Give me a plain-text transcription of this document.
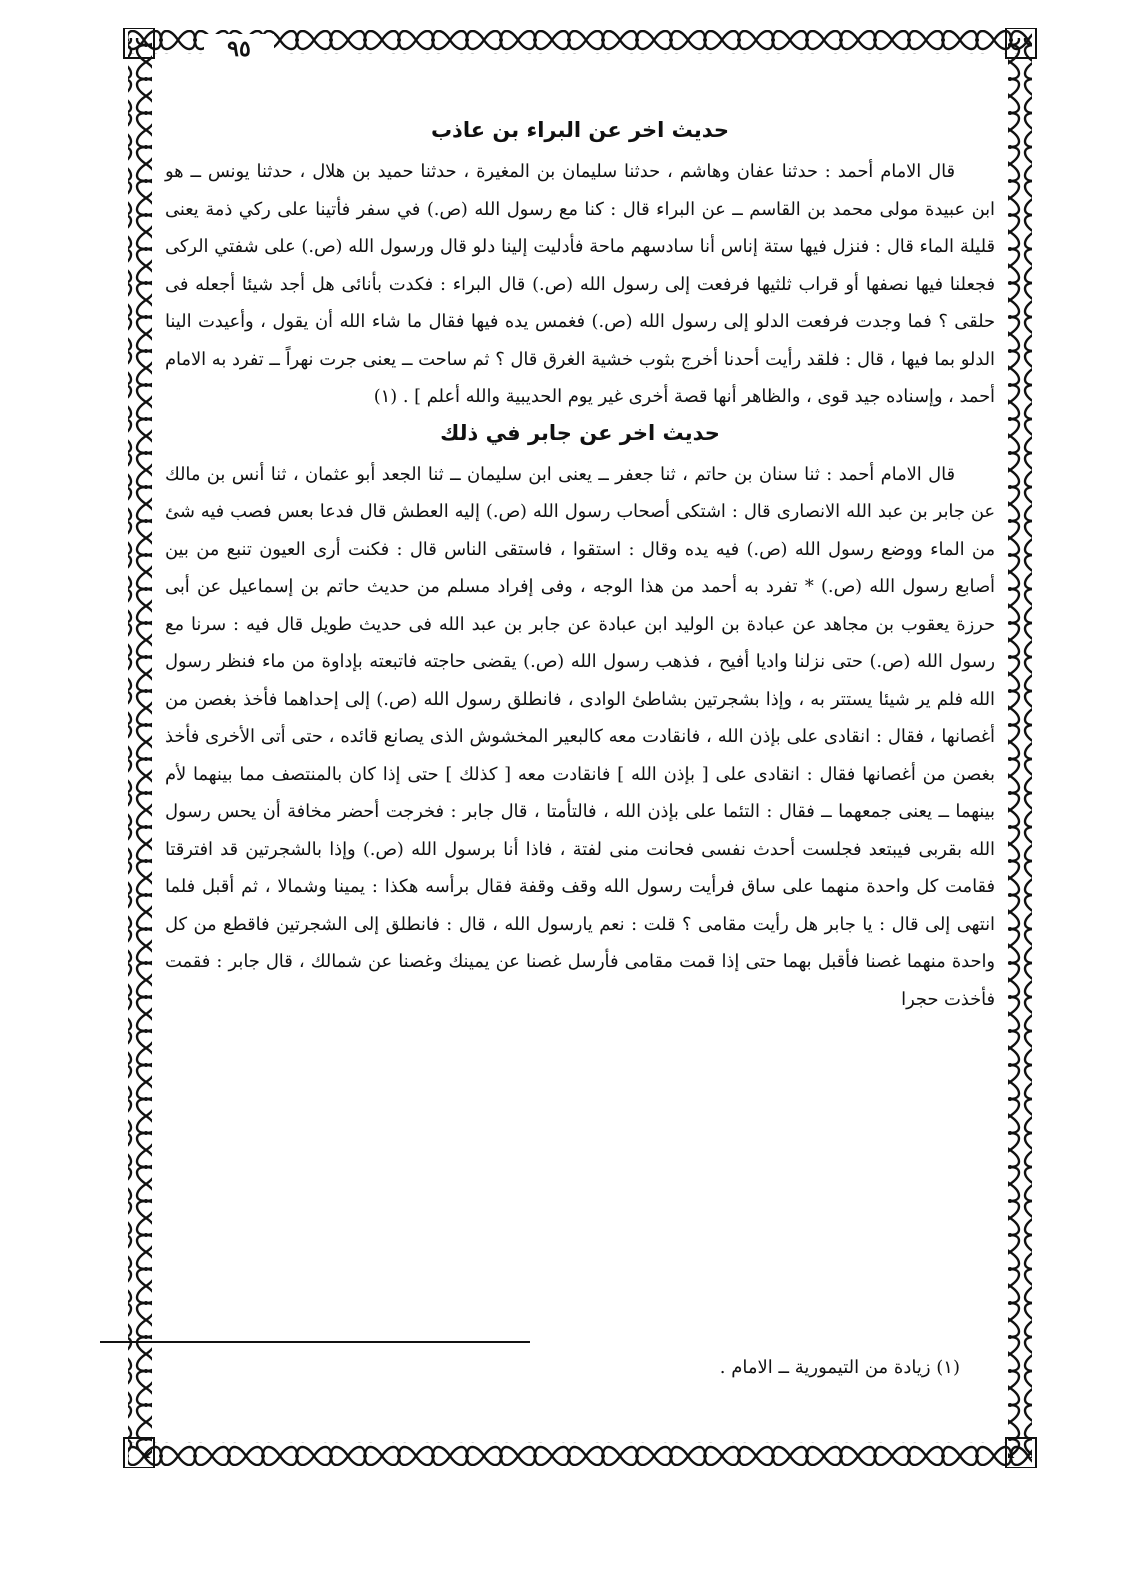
٩٥
حديث اخر عن البراء بن عاذب

قال الامام أحمد : حدثنا عفان وهاشم ، حدثنا سليمان بن المغيرة ، حدثنا حميد بن هلال ، حدثنا يونس ــ هو ابن عبيدة مولى محمد بن القاسم ــ عن البراء قال : كنا مع رسول الله (ص.) في سفر فأتينا على ركي ذمة يعنى قليلة الماء قال : فنزل فيها ستة إناس أنا سادسهم ماحة فأدليت إلينا دلو قال ورسول الله (ص.) على شفتي الركى فجعلنا فيها نصفها أو قراب ثلثيها فرفعت إلى رسول الله (ص.) قال البراء : فكدت بأنائى هل أجد شيئا أجعله فى حلقى ؟ فما وجدت فرفعت الدلو إلى رسول الله (ص.) فغمس يده فيها فقال ما شاء الله أن يقول ، وأعيدت الينا الدلو بما فيها ، قال : فلقد رأيت أحدنا أخرج بثوب خشية الغرق قال ؟ ثم ساحت ــ يعنى جرت نهراً ــ تفرد به الامام أحمد ، وإسناده جيد قوى ، والظاهر أنها قصة أخرى غير يوم الحديبية والله أعلم ] . (١)

حديث اخر عن جابر في ذلك

قال الامام أحمد : ثنا سنان بن حاتم ، ثنا جعفر ــ يعنى ابن سليمان ــ ثنا الجعد أبو عثمان ، ثنا أنس بن مالك عن جابر بن عبد الله الانصارى قال : اشتكى أصحاب رسول الله (ص.) إليه العطش قال فدعا بعس فصب فيه شئ من الماء ووضع رسول الله (ص.) فيه يده وقال : استقوا ، فاستقى الناس قال : فكنت أرى العيون تنبع من بين أصابع رسول الله (ص.) * تفرد به أحمد من هذا الوجه ، وفى إفراد مسلم من حديث حاتم بن إسماعيل عن أبى حرزة يعقوب بن مجاهد عن عبادة بن الوليد ابن عبادة عن جابر بن عبد الله فى حديث طويل قال فيه : سرنا مع رسول الله (ص.) حتى نزلنا واديا أفيح ، فذهب رسول الله (ص.) يقضى حاجته فاتبعته بإداوة من ماء فنظر رسول الله فلم ير شيئا يستتر به ، وإذا بشجرتين بشاطئ الوادى ، فانطلق رسول الله (ص.) إلى إحداهما فأخذ بغصن من أغصانها ، فقال : انقادى على بإذن الله ، فانقادت معه كالبعير المخشوش الذى يصانع قائده ، حتى أتى الأخرى فأخذ بغصن من أغصانها فقال : انقادى على [ بإذن الله ] فانقادت معه [ كذلك ] حتى إذا كان بالمنتصف مما بينهما لأم بينهما ــ يعنى جمعهما ــ فقال : التئما على بإذن الله ، فالتأمتا ، قال جابر : فخرجت أحضر مخافة أن يحس رسول الله بقربى فيبتعد فجلست أحدث نفسى فحانت منى لفتة ، فاذا أنا برسول الله (ص.) وإذا بالشجرتين قد افترقتا فقامت كل واحدة منهما على ساق فرأيت رسول الله وقف وقفة فقال برأسه هكذا : يمينا وشمالا ، ثم أقبل فلما انتهى إلى قال : يا جابر هل رأيت مقامى ؟ قلت : نعم يارسول الله ، قال : فانطلق إلى الشجرتين فاقطع من كل واحدة منهما غصنا فأقبل بهما حتى إذا قمت مقامى فأرسل غصنا عن يمينك وغصنا عن شمالك ، قال جابر : فقمت فأخذت حجرا

(١) زيادة من التيمورية ــ الامام .
